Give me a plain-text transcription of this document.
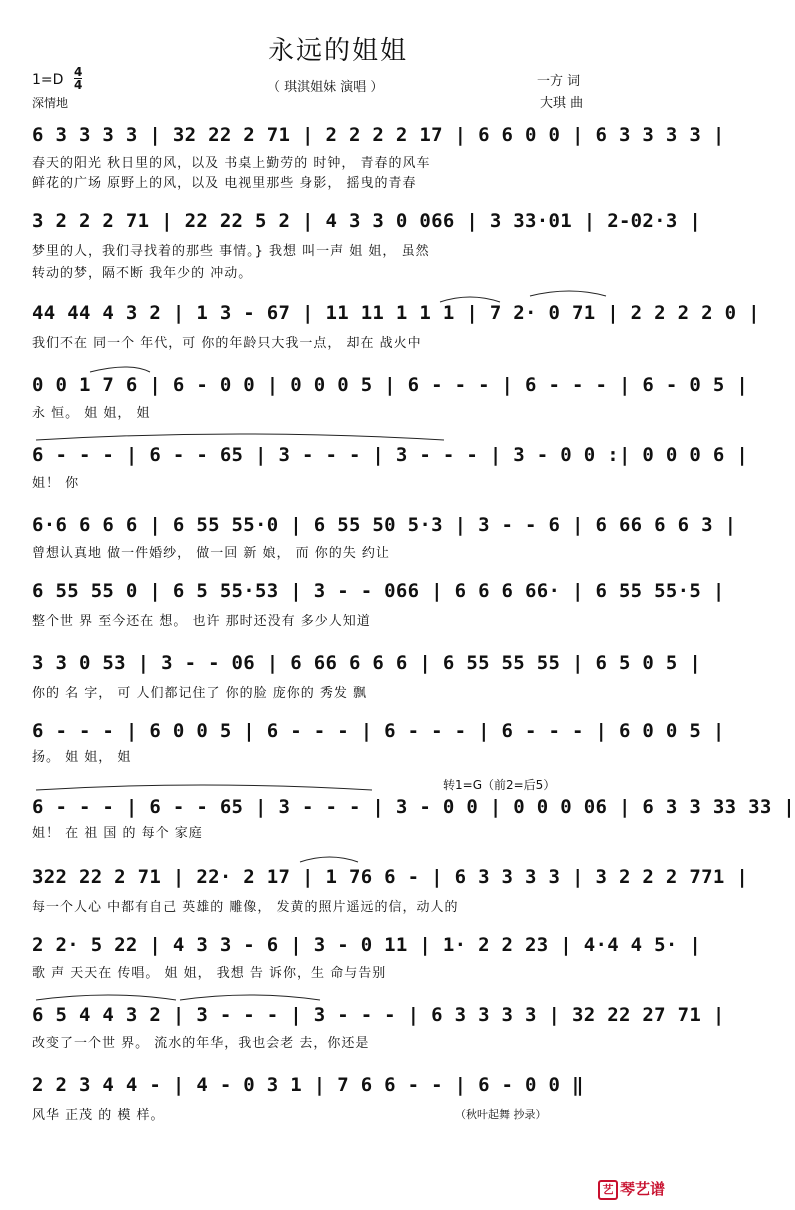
永远的姐姐
1=D 4
4
深情地
（ 琪淇姐妹 演唱 ）	一方 词
大琪 曲
6 3 3 3 3 | 32 22 2 71 | 2 2 2 2 17 | 6 6 0 0 | 6 3 3 3 3 |
春天的阳光 秋日里的风，以及 书桌上勤劳的 时钟， 青春的风车
鲜花的广场 原野上的风，以及 电视里那些 身影， 摇曳的青春
3 2 2 2 71 | 22 22 5 2 | 4 3 3 0 066 | 3 33·01 | 2-02·3 |
梦里的人，我们寻找着的那些 事情。} 我想 叫一声 姐 姐， 虽然
转动的梦，隔不断 我年少的 冲动。
44 44 4 3 2 | 1 3 - 67 | 11 11 1 1 1 | 7 2· 0 71 | 2 2 2 2 0 |
我们不在 同一个 年代，可 你的年龄只大我一点， 却在 战火中
0 0 1 7 6 | 6 - 0 0 | 0 0 0 5 | 6 - - - | 6 - - - | 6 - 0 5 |
永 恒。 姐 姐， 姐
6 - - - | 6 - - 65 | 3 - - - | 3 - - - | 3 - 0 0 :| 0 0 0 6 |
姐！ 你
6·6 6 6 6 | 6 55 55·0 | 6 55 50 5·3 | 3 - - 6 | 6 66 6 6 3 |
曾想认真地 做一件婚纱， 做一回 新 娘， 而 你的失 约让
6 55 55 0 | 6 5 55·53 | 3 - - 066 | 6 6 6 66· | 6 55 55·5 |
整个世 界 至今还在 想。 也许 那时还没有 多少人知道
3 3 0 53 | 3 - - 06 | 6 66 6 6 6 | 6 55 55 55 | 6 5 0 5 |
你的 名 字， 可 人们都记住了 你的脸 庞你的 秀发 飘
6 - - - | 6 0 0 5 | 6 - - - | 6 - - - | 6 - - - | 6 0 0 5 |
扬。 姐 姐， 姐
转1=G（前2=后5）
6 - - - | 6 - - 65 | 3 - - - | 3 - 0 0 | 0 0 0 06 | 6 3 3 33 33 |
姐！ 在 祖 国 的 每个 家庭
322 22 2 71 | 22· 2 17 | 1 76 6 - | 6 3 3 3 3 | 3 2 2 2 771 |
每一个人心 中都有自己 英雄的 雕像， 发黄的照片遥远的信，动人的
2 2· 5 22 | 4 3 3 - 6 | 3 - 0 11 | 1· 2 2 23 | 4·4 4 5· |
歌 声 天天在 传唱。 姐 姐， 我想 告 诉你，生 命与告别
6 5 4 4 3 2 | 3 - - - | 3 - - - | 6 3 3 3 3 | 32 22 27 71 |
改变了一个世 界。 流水的年华，我也会老 去，你还是
2 2 3 4 4 - | 4 - 0 3 1 | 7 6 6 - - | 6 - 0 0 ‖
风华 正茂 的 模 样。	（秋叶起舞 抄录）
艺 琴艺谱
